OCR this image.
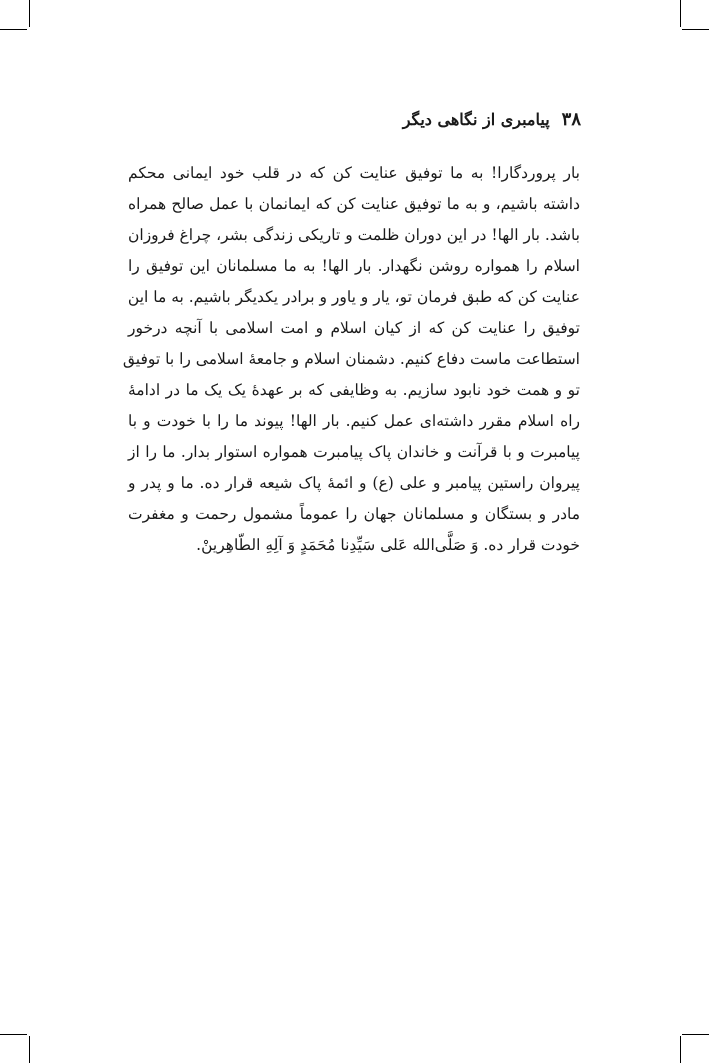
۳۸
پیامبری از نگاهی دیگر
بار پروردگارا! به ما توفیق عنایت کن که در قلب خود ایمانی محکم
داشته باشیم، و به ما توفیق عنایت کن که ایمانمان با عمل صالح همراه
باشد. بار الها! در این دوران ظلمت و تاریکی زندگی بشر، چراغ فروزان
اسلام را همواره روشن نگهدار. بار الها! به ما مسلمانان این توفیق را
عنایت کن که طبق فرمان تو، یار و یاور و برادر یکدیگر باشیم. به ما این
توفیق را عنایت کن که از کیان اسلام و امت اسلامی با آنچه درخور
استطاعت ماست دفاع کنیم. دشمنان اسلام و جامعهٔ اسلامی را با توفیق
تو و همت خود نابود سازیم. به وظایفی که بر عهدهٔ یک یک ما در ادامهٔ
راه اسلام مقرر داشته‌ای عمل کنیم. بار الها! پیوند ما را با خودت و با
پیامبرت و با قرآنت و خاندان پاک پیامبرت همواره استوار بدار. ما را از
پیروان راستین پیامبر و علی (ع) و ائمهٔ پاک شیعه قرار ده. ما و پدر و
مادر و بستگان و مسلمانان جهان را عموماً مشمول رحمت و مغفرت
خودت قرار ده. وَ صَلَّی‌الله عَلی سَیِّدِنا مُحَمَدٍ وَ آلِهِ الطّاهِرینْ.
